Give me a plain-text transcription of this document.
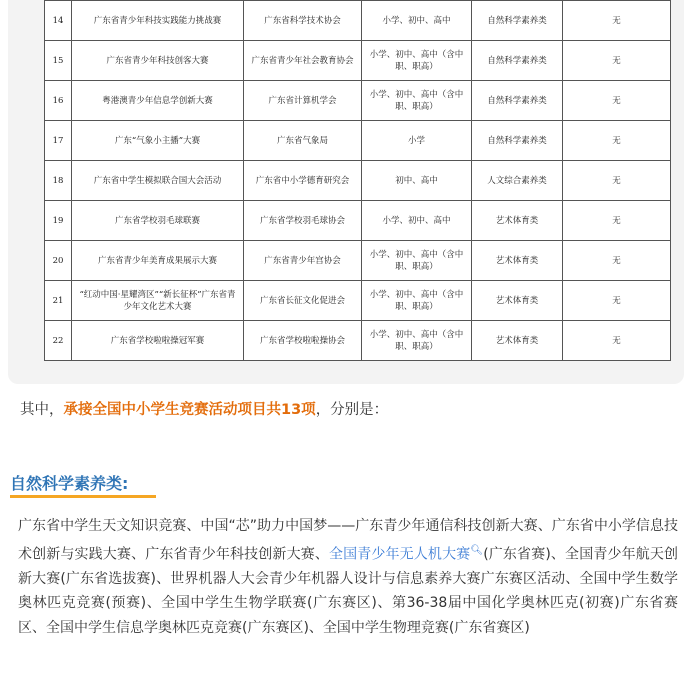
14	广东省青少年科技实践能力挑战赛	广东省科学技术协会	小学、初中、高中	自然科学素养类	无
15	广东省青少年科技创客大赛	广东省青少年社会教育协会	小学、初中、高中（含中职、职高）	自然科学素养类	无
16	粤港澳青少年信息学创新大赛	广东省计算机学会	小学、初中、高中（含中职、职高）	自然科学素养类	无
17	广东“气象小主播”大赛	广东省气象局	小学	自然科学素养类	无
18	广东省中学生模拟联合国大会活动	广东省中小学德育研究会	初中、高中	人文综合素养类	无
19	广东省学校羽毛球联赛	广东省学校羽毛球协会	小学、初中、高中	艺术体育类	无
20	广东省青少年美育成果展示大赛	广东省青少年宫协会	小学、初中、高中（含中职、职高）	艺术体育类	无
21	“红动中国·星耀湾区”“新长征杯”广东省青少年文化艺术大赛	广东省长征文化促进会	小学、初中、高中（含中职、职高）	艺术体育类	无
22	广东省学校啦啦操冠军赛	广东省学校啦啦操协会	小学、初中、高中（含中职、职高）	艺术体育类	无
其中，承接全国中小学生竞赛活动项目共13项，分别是：
自然科学素养类:
广东省中学生天文知识竞赛、中国“芯”助力中国梦——广东青少年通信科技创新大赛、广东省中小学信息技术创新与实践大赛、广东省青少年科技创新大赛、全国青少年无人机大赛🔍︎(广东省赛)、全国青少年航天创新大赛(广东省选拔赛)、世界机器人大会青少年机器人设计与信息素养大赛广东赛区活动、全国中学生数学奥林匹克竞赛(预赛)、全国中学生生物学联赛(广东赛区)、第36-38届中国化学奥林匹克(初赛)广东省赛区、全国中学生信息学奥林匹克竞赛(广东赛区)、全国中学生物理竞赛(广东省赛区)
